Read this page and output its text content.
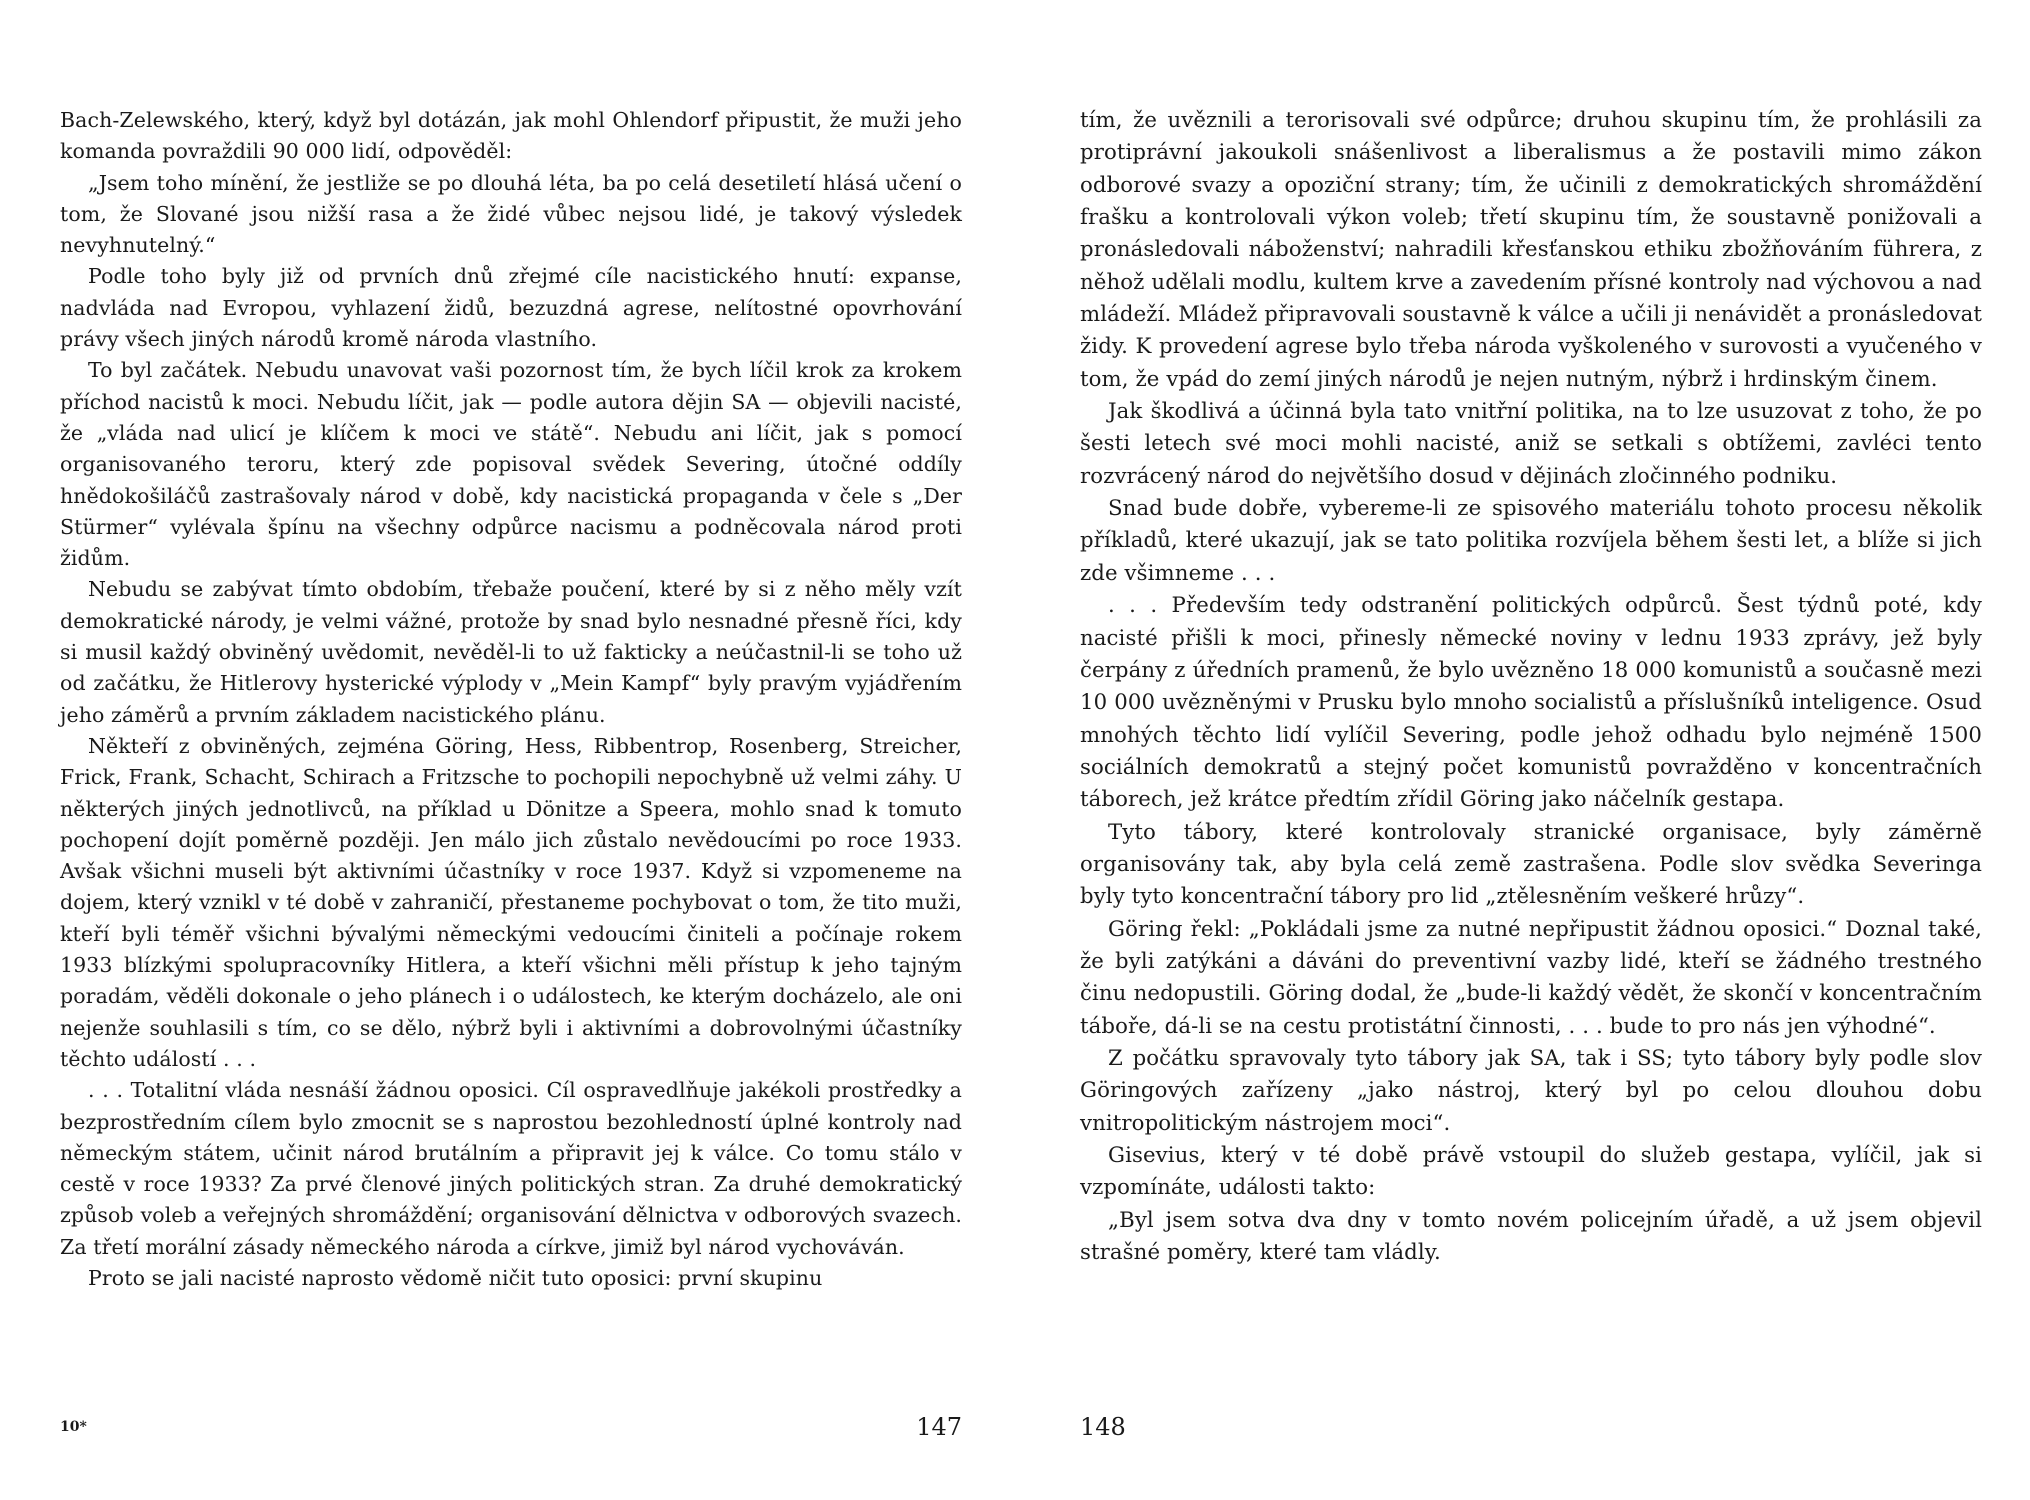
Bach-Zelewského, který, když byl dotázán, jak mohl Ohlendorf připustit, že muži jeho komanda povraždili 90 000 lidí, odpověděl:

„Jsem toho mínění, že jestliže se po dlouhá léta, ba po celá desetiletí hlásá učení o tom, že Slované jsou nižší rasa a že židé vůbec nejsou lidé, je takový výsledek nevyhnutelný.“

Podle toho byly již od prvních dnů zřejmé cíle nacistického hnutí: expanse, nadvláda nad Evropou, vyhlazení židů, bezuzdná agrese, nelítostné opovrhování právy všech jiných národů kromě národa vlastního.

To byl začátek. Nebudu unavovat vaši pozornost tím, že bych líčil krok za krokem příchod nacistů k moci. Nebudu líčit, jak — podle autora dějin SA — objevili nacisté, že „vláda nad ulicí je klíčem k moci ve státě“. Nebudu ani líčit, jak s pomocí organisovaného teroru, který zde popisoval svědek Severing, útočné oddíly hnědokošiláčů zastrašovaly národ v době, kdy nacistická propaganda v čele s „Der Stürmer“ vylévala špínu na všechny odpůrce nacismu a podněcovala národ proti židům.

Nebudu se zabývat tímto obdobím, třebaže poučení, které by si z něho měly vzít demokratické národy, je velmi vážné, protože by snad bylo nesnadné přesně říci, kdy si musil každý obviněný uvědomit, nevěděl-li to už fakticky a neúčastnil-li se toho už od začátku, že Hitlerovy hysterické výplody v „Mein Kampf“ byly pravým vyjádřením jeho záměrů a prvním základem nacistického plánu.

Někteří z obviněných, zejména Göring, Hess, Ribbentrop, Rosenberg, Streicher, Frick, Frank, Schacht, Schirach a Fritzsche to pochopili nepochybně už velmi záhy. U některých jiných jednotlivců, na příklad u Dönitze a Speera, mohlo snad k tomuto pochopení dojít poměrně později. Jen málo jich zůstalo nevědoucími po roce 1933. Avšak všichni museli být aktivními účastníky v roce 1937. Když si vzpomeneme na dojem, který vznikl v té době v zahraničí, přestaneme pochybovat o tom, že tito muži, kteří byli téměř všichni bývalými německými vedoucími činiteli a počínaje rokem 1933 blízkými spolupracovníky Hitlera, a kteří všichni měli přístup k jeho tajným poradám, věděli dokonale o jeho plánech i o událostech, ke kterým docházelo, ale oni nejenže souhlasili s tím, co se dělo, nýbrž byli i aktivními a dobrovolnými účastníky těchto událostí . . .

. . . Totalitní vláda nesnáší žádnou oposici. Cíl ospravedlňuje jakékoli prostředky a bezprostředním cílem bylo zmocnit se s naprostou bezohledností úplné kontroly nad německým státem, učinit národ brutálním a připravit jej k válce. Co tomu stálo v cestě v roce 1933? Za prvé členové jiných politických stran. Za druhé demokratický způsob voleb a veřejných shromáždění; organisování dělnictva v odborových svazech. Za třetí morální zásady německého národa a církve, jimiž byl národ vychováván.

Proto se jali nacisté naprosto vědomě ničit tuto oposici: první skupinu

10*	147

tím, že uvěznili a terorisovali své odpůrce; druhou skupinu tím, že prohlásili za protiprávní jakoukoli snášenlivost a liberalismus a že postavili mimo zákon odborové svazy a opoziční strany; tím, že učinili z demokratických shromáždění frašku a kontrolovali výkon voleb; třetí skupinu tím, že soustavně ponižovali a pronásledovali náboženství; nahradili křesťanskou ethiku zbožňováním führera, z něhož udělali modlu, kultem krve a zavedením přísné kontroly nad výchovou a nad mládeží. Mládež připravovali soustavně k válce a učili ji nenávidět a pronásledovat židy. K provedení agrese bylo třeba národa vyškoleného v surovosti a vyučeného v tom, že vpád do zemí jiných národů je nejen nutným, nýbrž i hrdinským činem.

Jak škodlivá a účinná byla tato vnitřní politika, na to lze usuzovat z toho, že po šesti letech své moci mohli nacisté, aniž se setkali s obtížemi, zavléci tento rozvrácený národ do největšího dosud v dějinách zločinného podniku.

Snad bude dobře, vybereme-li ze spisového materiálu tohoto procesu několik příkladů, které ukazují, jak se tato politika rozvíjela během šesti let, a blíže si jich zde všimneme . . .

. . . Především tedy odstranění politických odpůrců. Šest týdnů poté, kdy nacisté přišli k moci, přinesly německé noviny v lednu 1933 zprávy, jež byly čerpány z úředních pramenů, že bylo uvězněno 18 000 komunistů a současně mezi 10 000 uvězněnými v Prusku bylo mnoho socialistů a příslušníků inteligence. Osud mnohých těchto lidí vylíčil Severing, podle jehož odhadu bylo nejméně 1500 sociálních demokratů a stejný počet komunistů povražděno v koncentračních táborech, jež krátce předtím zřídil Göring jako náčelník gestapa.

Tyto tábory, které kontrolovaly stranické organisace, byly záměrně organisovány tak, aby byla celá země zastrašena. Podle slov svědka Severinga byly tyto koncentrační tábory pro lid „ztělesněním veškeré hrůzy“.

Göring řekl: „Pokládali jsme za nutné nepřipustit žádnou oposici.“ Doznal také, že byli zatýkáni a dáváni do preventivní vazby lidé, kteří se žádného trestného činu nedopustili. Göring dodal, že „bude-li každý vědět, že skončí v koncentračním táboře, dá-li se na cestu protistátní činnosti, . . . bude to pro nás jen výhodné“.

Z počátku spravovaly tyto tábory jak SA, tak i SS; tyto tábory byly podle slov Göringových zařízeny „jako nástroj, který byl po celou dlouhou dobu vnitropolitickým nástrojem moci“.

Gisevius, který v té době právě vstoupil do služeb gestapa, vylíčil, jak si vzpomínáte, události takto:

„Byl jsem sotva dva dny v tomto novém policejním úřadě, a už jsem objevil strašné poměry, které tam vládly.

148
